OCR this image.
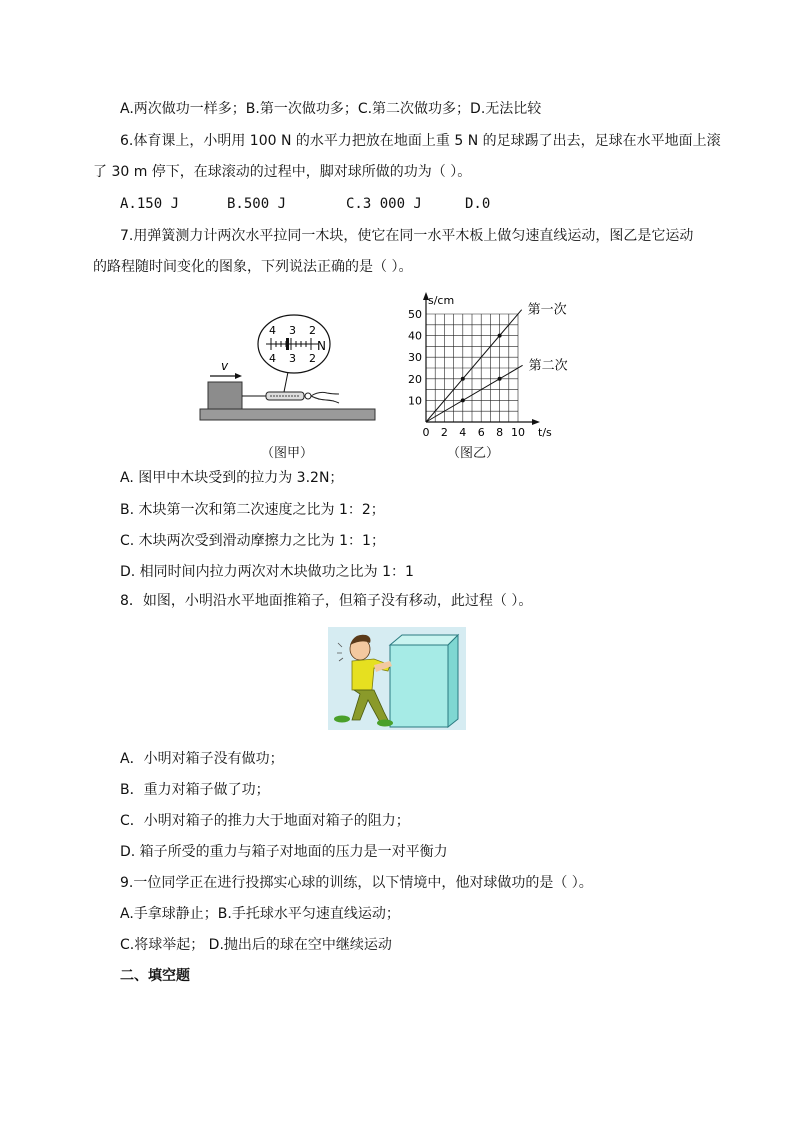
A.两次做功一样多；B.第一次做功多；C.第二次做功多；D.无法比较
6.体育课上，小明用 100 N 的水平力把放在地面上重 5 N 的足球踢了出去，足球在水平地面上滚
了 30 m 停下，在球滚动的过程中，脚对球所做的功为（ ）。
A.150 J	B.500 J	C.3 000 J	D.0
7.用弹簧测力计两次水平拉同一木块，使它在同一水平木板上做匀速直线运动，图乙是它运动
的路程随时间变化的图象，下列说法正确的是（ ）。
v
4 3 2
N
4 3 2
（图甲）
0 2 4 6 8 10
10
20
30
40
50
t/s
s/cm
第一次
第二次
（图乙）
A. 图甲中木块受到的拉力为 3.2N；
B. 木块第一次和第二次速度之比为 1：2；
C. 木块两次受到滑动摩擦力之比为 1：1；
D. 相同时间内拉力两次对木块做功之比为 1：1
8．如图，小明沿水平地面推箱子，但箱子没有移动，此过程（ ）。
A．小明对箱子没有做功；
B．重力对箱子做了功；
C．小明对箱子的推力大于地面对箱子的阻力；
D. 箱子所受的重力与箱子对地面的压力是一对平衡力
9.一位同学正在进行投掷实心球的训练，以下情境中，他对球做功的是（ ）。
A.手拿球静止；B.手托球水平匀速直线运动；
C.将球举起； D.抛出后的球在空中继续运动
二、填空题
